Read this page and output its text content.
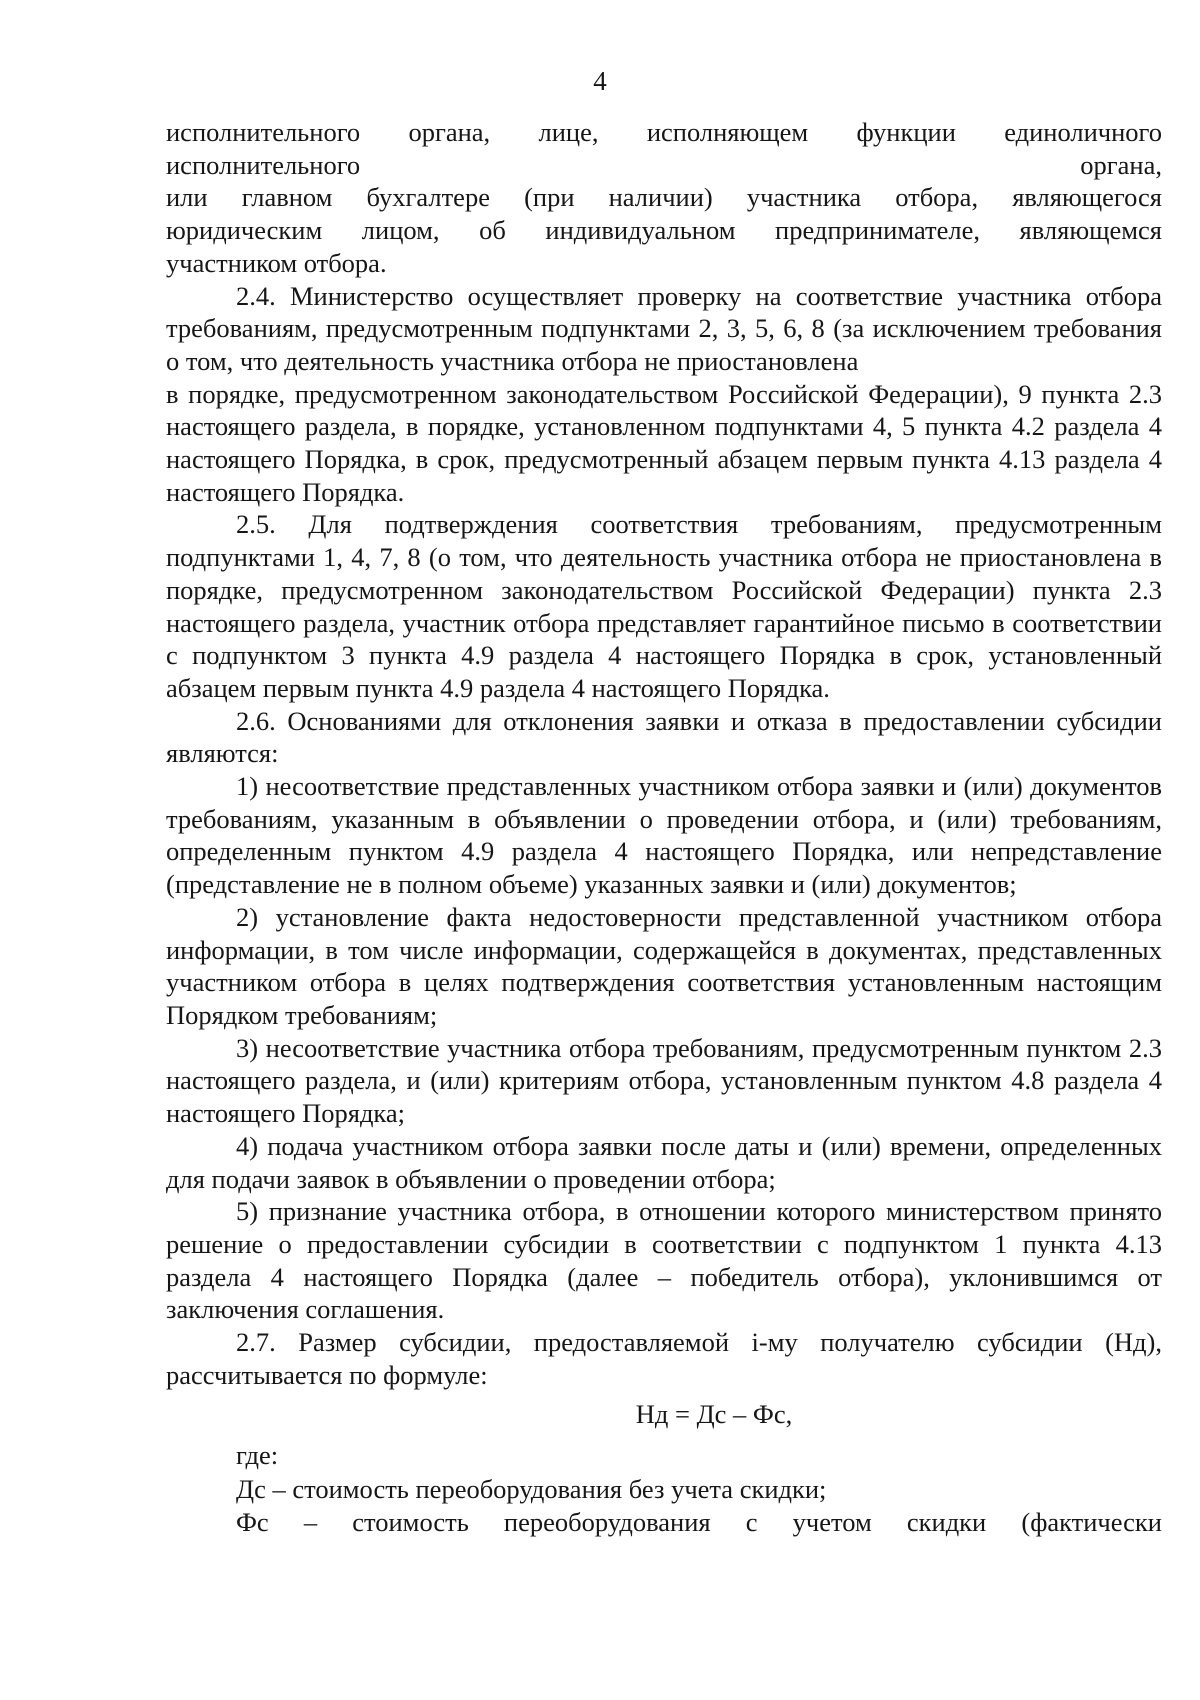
4

исполнительного органа, лице, исполняющем функции единоличного
исполнительного органа,
или главном бухгалтере (при наличии) участника отбора, являющегося
юридическим лицом, об индивидуальном предпринимателе, являющемся
участником отбора.

2.4. Министерство осуществляет проверку на соответствие участника отбора требованиям, предусмотренным подпунктами 2, 3, 5, 6, 8 (за исключением требования о том, что деятельность участника отбора не приостановлена

в порядке, предусмотренном законодательством Российской Федерации), 9 пункта 2.3 настоящего раздела, в порядке, установленном подпунктами 4, 5 пункта 4.2 раздела 4 настоящего Порядка, в срок, предусмотренный абзацем первым пункта 4.13 раздела 4 настоящего Порядка.

2.5. Для подтверждения соответствия требованиям, предусмотренным подпунктами 1, 4, 7, 8 (о том, что деятельность участника отбора не приостановлена в порядке, предусмотренном законодательством Российской Федерации) пункта 2.3 настоящего раздела, участник отбора представляет гарантийное письмо в соответствии с подпунктом 3 пункта 4.9 раздела 4 настоящего Порядка в срок, установленный абзацем первым пункта 4.9 раздела 4 настоящего Порядка.

2.6. Основаниями для отклонения заявки и отказа в предоставлении субсидии являются:

1) несоответствие представленных участником отбора заявки и (или) документов требованиям, указанным в объявлении о проведении отбора, и (или) требованиям, определенным пунктом 4.9 раздела 4 настоящего Порядка, или непредставление (представление не в полном объеме) указанных заявки и (или) документов;

2) установление факта недостоверности представленной участником отбора информации, в том числе информации, содержащейся в документах, представленных участником отбора в целях подтверждения соответствия установленным настоящим Порядком требованиям;

3) несоответствие участника отбора требованиям, предусмотренным пунктом 2.3 настоящего раздела, и (или) критериям отбора, установленным пунктом 4.8 раздела 4 настоящего Порядка;

4) подача участником отбора заявки после даты и (или) времени, определенных для подачи заявок в объявлении о проведении отбора;

5) признание участника отбора, в отношении которого министерством принято решение о предоставлении субсидии в соответствии с подпунктом 1 пункта 4.13 раздела 4 настоящего Порядка (далее – победитель отбора), уклонившимся от заключения соглашения.

2.7. Размер субсидии, предоставляемой i-му получателю субсидии (Нд), рассчитывается по формуле:

Нд = Дс – Фс,

где:

Дс – стоимость переоборудования без учета скидки;

Фс – стоимость переоборудования с учетом скидки (фактически
